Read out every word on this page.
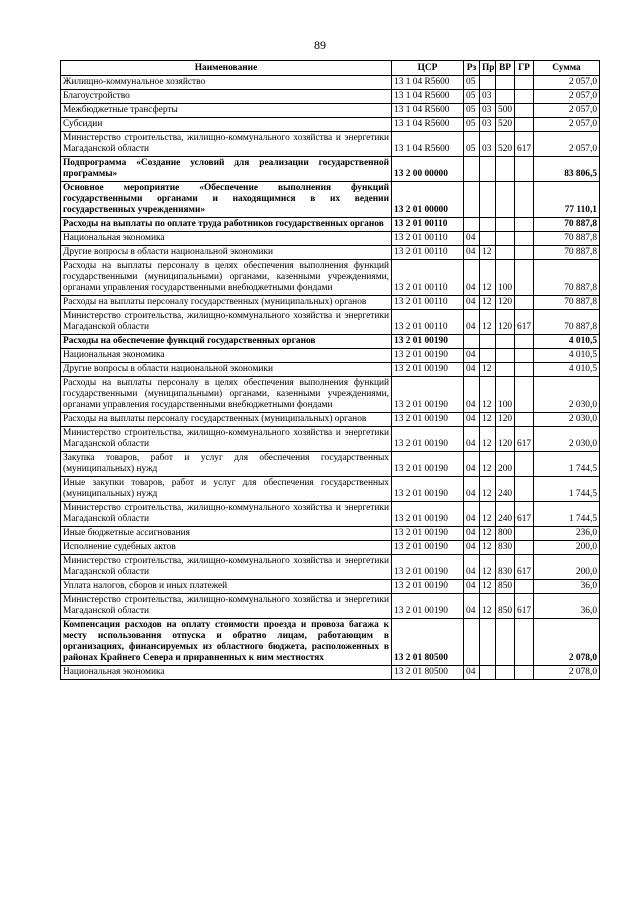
89
Наименование	ЦСР	Рз	Пр	ВР	ГР	Сумма
Жилищно-коммунальное хозяйство	13 1 04 R5600	05				2 057,0
Благоустройство	13 1 04 R5600	05	03			2 057,0
Межбюджетные трансферты	13 1 04 R5600	05	03	500		2 057,0
Субсидии	13 1 04 R5600	05	03	520		2 057,0
Министерство строительства, жилищно-коммунального хозяйства и энергетики Магаданской области	13 1 04 R5600	05	03	520	617	2 057,0
Подпрограмма «Создание условий для реализации государственной программы»	13 2 00 00000					83 806,5
Основное мероприятие «Обеспечение выполнения функций государственными органами и находящимися в их ведении государственных учреждениями»	13 2 01 00000					77 110,1
Расходы на выплаты по оплате труда работников государственных органов	13 2 01 00110					70 887,8
Национальная экономика	13 2 01 00110	04				70 887,8
Другие вопросы в области национальной экономики	13 2 01 00110	04	12			70 887,8
Расходы на выплаты персоналу в целях обеспечения выполнения функций государственными (муниципальными) органами, казенными учреждениями, органами управления государственными внебюджетными фондами	13 2 01 00110	04	12	100		70 887,8
Расходы на выплаты персоналу государственных (муниципальных) органов	13 2 01 00110	04	12	120		70 887,8
Министерство строительства, жилищно-коммунального хозяйства и энергетики Магаданской области	13 2 01 00110	04	12	120	617	70 887,8
Расходы на обеспечение функций государственных органов	13 2 01 00190					4 010,5
Национальная экономика	13 2 01 00190	04				4 010,5
Другие вопросы в области национальной экономики	13 2 01 00190	04	12			4 010,5
Расходы на выплаты персоналу в целях обеспечения выполнения функций государственными (муниципальными) органами, казенными учреждениями, органами управления государственными внебюджетными фондами	13 2 01 00190	04	12	100		2 030,0
Расходы на выплаты персоналу государственных (муниципальных) органов	13 2 01 00190	04	12	120		2 030,0
Министерство строительства, жилищно-коммунального хозяйства и энергетики Магаданской области	13 2 01 00190	04	12	120	617	2 030,0
Закупка товаров, работ и услуг для обеспечения государственных (муниципальных) нужд	13 2 01 00190	04	12	200		1 744,5
Иные закупки товаров, работ и услуг для обеспечения государственных (муниципальных) нужд	13 2 01 00190	04	12	240		1 744,5
Министерство строительства, жилищно-коммунального хозяйства и энергетики Магаданской области	13 2 01 00190	04	12	240	617	1 744,5
Иные бюджетные ассигнования	13 2 01 00190	04	12	800		236,0
Исполнение судебных актов	13 2 01 00190	04	12	830		200,0
Министерство строительства, жилищно-коммунального хозяйства и энергетики Магаданской области	13 2 01 00190	04	12	830	617	200,0
Уплата налогов, сборов и иных платежей	13 2 01 00190	04	12	850		36,0
Министерство строительства, жилищно-коммунального хозяйства и энергетики Магаданской области	13 2 01 00190	04	12	850	617	36,0
Компенсация расходов на оплату стоимости проезда и провоза багажа к месту использования отпуска и обратно лицам, работающим в организациях, финансируемых из областного бюджета, расположенных в районах Крайнего Севера и приравненных к ним местностях	13 2 01 80500					2 078,0
Национальная экономика	13 2 01 80500	04				2 078,0
